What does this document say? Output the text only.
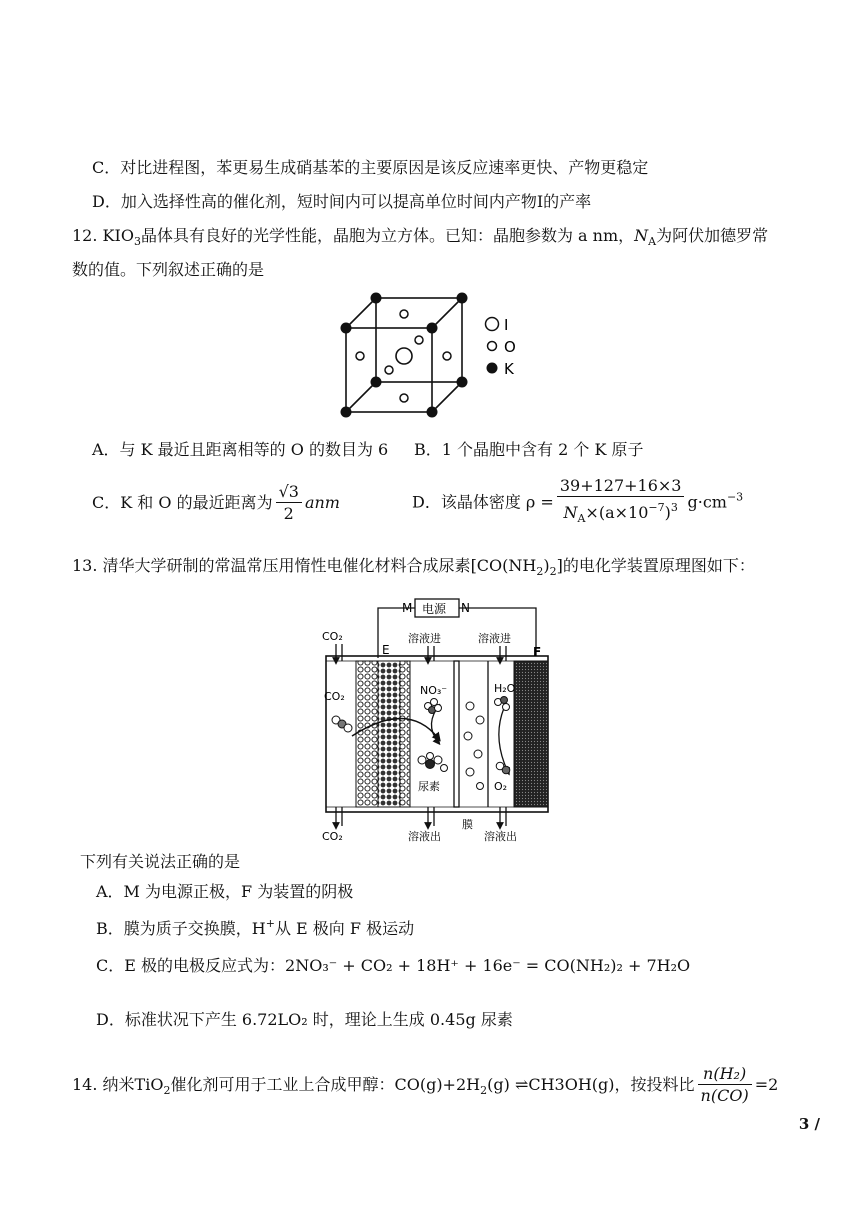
C．对比进程图，苯更易生成硝基苯的主要原因是该反应速率更快、产物更稳定
D．加入选择性高的催化剂，短时间内可以提高单位时间内产物Ⅰ的产率
12. $KIO_3$晶体具有良好的光学性能，晶胞为立方体。已知：晶胞参数为 a nm，$N_A$为阿伏加德罗常
数的值。下列叙述正确的是
I
O
K
A．与 K 最近且距离相等的 O 的数目为 6 B．1 个晶胞中含有 2 个 K 原子
C．K 和 O 的最近距离为 $\frac{√3}{2}$ anm	D．该晶体密度 $\rho = \frac{39+127+16\times 3}{N_A\times(a\times 10^{-7})^3} g\cdot cm^{-3}$
13. 清华大学研制的常温常压用惰性电催化材料合成尿素$[CO(NH_2)_2]$的电化学装置原理图如下：
电源
M	N
E	F
CO₂	溶液进	溶液进
CO₂	NO₃⁻
尿素
H₂O
O₂
CO₂	溶液出
膜
溶液出
下列有关说法正确的是
A．M 为电源正极，F 为装置的阴极
B．膜为质子交换膜，H+从 E 极向 F 极运动
C．E 极的电极反应式为：2NO₃⁻ + CO₂ + 18H⁺ + 16e⁻ = CO(NH₂)₂ + 7H₂O
D．标准状况下产生 6.72LO₂ 时，理论上生成 0.45g 尿素
14. 纳米TiO$_2$催化剂可用于工业上合成甲醇：$CO(g)+2H_2(g)$ ⇌CH3OH(g)，按投料比 $\frac{\text{n(H₂)}}{n(CO)} =2$
3 /
